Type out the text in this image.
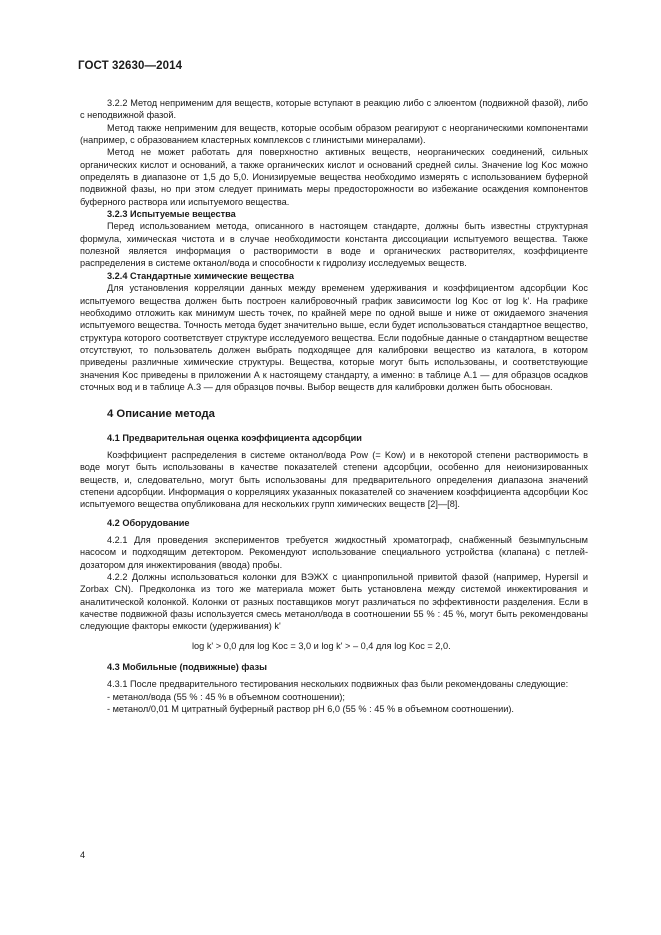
ГОСТ 32630—2014

3.2.2 Метод неприменим для веществ, которые вступают в реакцию либо с элюентом (подвижной фазой), либо с неподвижной фазой.

Метод также неприменим для веществ, которые особым образом реагируют с неорганическими компонентами (например, с образованием кластерных комплексов с глинистыми минералами).

Метод не может работать для поверхностно активных веществ, неорганических соединений, сильных органических кислот и оснований, а также органических кислот и оснований средней силы. Значение log Koc можно определять в диапазоне от 1,5 до 5,0. Ионизируемые вещества необходимо измерять с использованием буферной подвижной фазы, но при этом следует принимать меры предосторожности во избежание осаждения компонентов буферного раствора или испытуемого вещества.

3.2.3 Испытуемые вещества

Перед использованием метода, описанного в настоящем стандарте, должны быть известны структурная формула, химическая чистота и в случае необходимости константа диссоциации испытуемого вещества. Также полезной является информация о растворимости в воде и органических растворителях, коэффициенте распределения в системе октанол/вода и способности к гидролизу исследуемых веществ.

3.2.4 Стандартные химические вещества

Для установления корреляции данных между временем удерживания и коэффициентом адсорбции Koc испытуемого вещества должен быть построен калибровочный график зависимости log Koc от log k'. На графике необходимо отложить как минимум шесть точек, по крайней мере по одной выше и ниже от ожидаемого значения испытуемого вещества. Точность метода будет значительно выше, если будет использоваться стандартное вещество, структура которого соответствует структуре исследуемого вещества. Если подобные данные о стандартном веществе отсутствуют, то пользователь должен выбрать подходящее для калибровки вещество из каталога, в котором приведены различные химические структуры. Вещества, которые могут быть использованы, и соответствующие значения Koc приведены в приложении А к настоящему стандарту, а именно: в таблице А.1 — для образцов осадков сточных вод и в таблице А.3 — для образцов почвы. Выбор веществ для калибровки должен быть обоснован.

4 Описание метода

4.1 Предварительная оценка коэффициента адсорбции

Коэффициент распределения в системе октанол/вода Pow (= Kow) и в некоторой степени растворимость в воде могут быть использованы в качестве показателей степени адсорбции, особенно для неионизированных веществ, и, следовательно, могут быть использованы для предварительного определения диапазона значений степени адсорбции. Информация о корреляциях указанных показателей со значением коэффициента адсорбции Koc испытуемого вещества опубликована для нескольких групп химических веществ [2]—[8].

4.2 Оборудование

4.2.1 Для проведения экспериментов требуется жидкостный хроматограф, снабженный безымпульсным насосом и подходящим детектором. Рекомендуют использование специального устройства (клапана) с петлей-дозатором для инжектирования (ввода) пробы.

4.2.2 Должны использоваться колонки для ВЭЖХ с цианпропильной привитой фазой (например, Hypersil и Zorbax CN). Предколонка из того же материала может быть установлена между системой инжектирования и аналитической колонкой. Колонки от разных поставщиков могут различаться по эффективности разделения. Если в качестве подвижной фазы используется смесь метанол/вода в соотношении 55 % : 45 %, могут быть рекомендованы следующие факторы емкости (удерживания) k'

log k' > 0,0 для log Koc = 3,0 и log k' > – 0,4 для log Koc = 2,0.

4.3 Мобильные (подвижные) фазы

4.3.1 После предварительного тестирования нескольких подвижных фаз были рекомендованы следующие:

- метанол/вода (55 % : 45 % в объемном соотношении);

- метанол/0,01 М цитратный буферный раствор рН 6,0 (55 % : 45 % в объемном соотношении).

4
